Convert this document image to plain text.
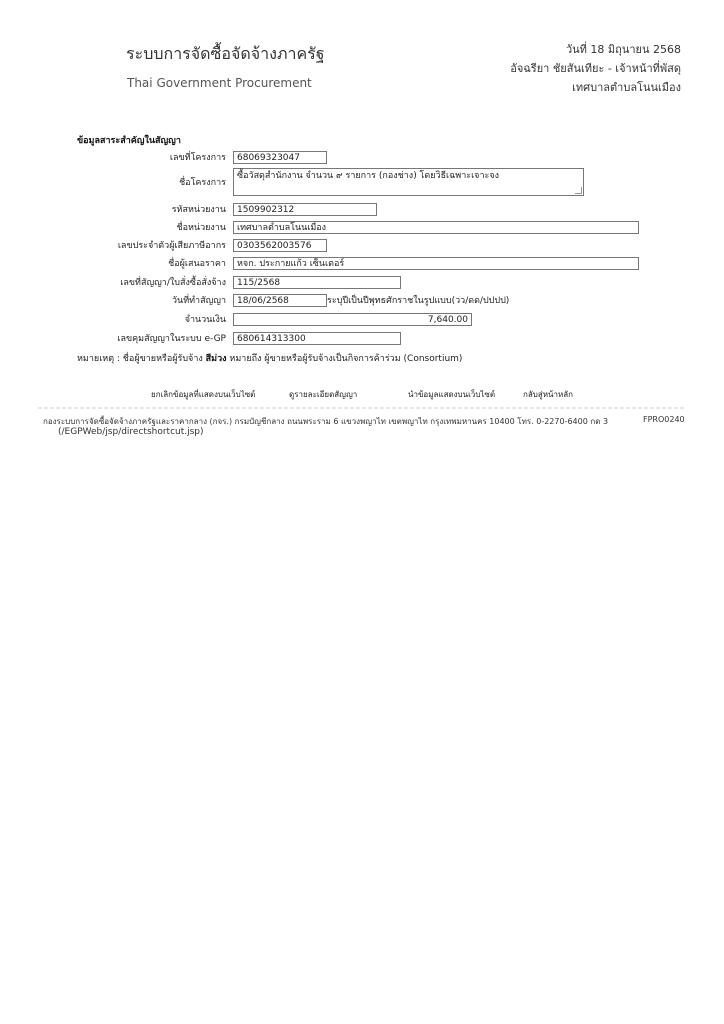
ระบบการจัดซื้อจัดจ้างภาครัฐ
Thai Government Procurement
วันที่ 18 มิถุนายน 2568
อัจฉรียา ชัยสันเทียะ - เจ้าหน้าที่พัสดุ
เทศบาลตำบลโนนเมือง
ข้อมูลสาระสำคัญในสัญญา
เลขที่โครงการ	68069323047
ชื่อโครงการ
ซื้อวัสดุสำนักงาน จำนวน ๙ รายการ (กองช่าง) โดยวิธีเฉพาะเจาะจง
รหัสหน่วยงาน	1509902312
ชื่อหน่วยงาน	เทศบาลตำบลโนนเมือง
เลขประจำตัวผู้เสียภาษีอากร	0303562003576
ชื่อผู้เสนอราคา	หจก. ประกายแก้ว เซ็นเตอร์
เลขที่สัญญา/ใบสั่งซื้อสั่งจ้าง	115/2568
วันที่ทำสัญญา	18/06/2568	ระบุปีเป็นปีพุทธศักราชในรูปแบบ(วว/ดด/ปปปป)
จำนวนเงิน	7,640.00
เลขคุมสัญญาในระบบ e-GP	680614313300
หมายเหตุ : ชื่อผู้ขายหรือผู้รับจ้าง สีม่วง หมายถึง ผู้ขายหรือผู้รับจ้างเป็นกิจการค้าร่วม (Consortium)
ยกเลิกข้อมูลที่แสดงบนเว็บไซต์	ดูรายละเอียดสัญญา	นำข้อมูลแสดงบนเว็บไซต์	กลับสู่หน้าหลัก
กองระบบการจัดซื้อจัดจ้างภาครัฐและราคากลาง (กจร.) กรมบัญชีกลาง ถนนพระราม 6 แขวงพญาไท เขตพญาไท กรุงเทพมหานคร 10400 โทร. 0-2270-6400 กด 3	FPRO0240
(/EGPWeb/jsp/directshortcut.jsp)
